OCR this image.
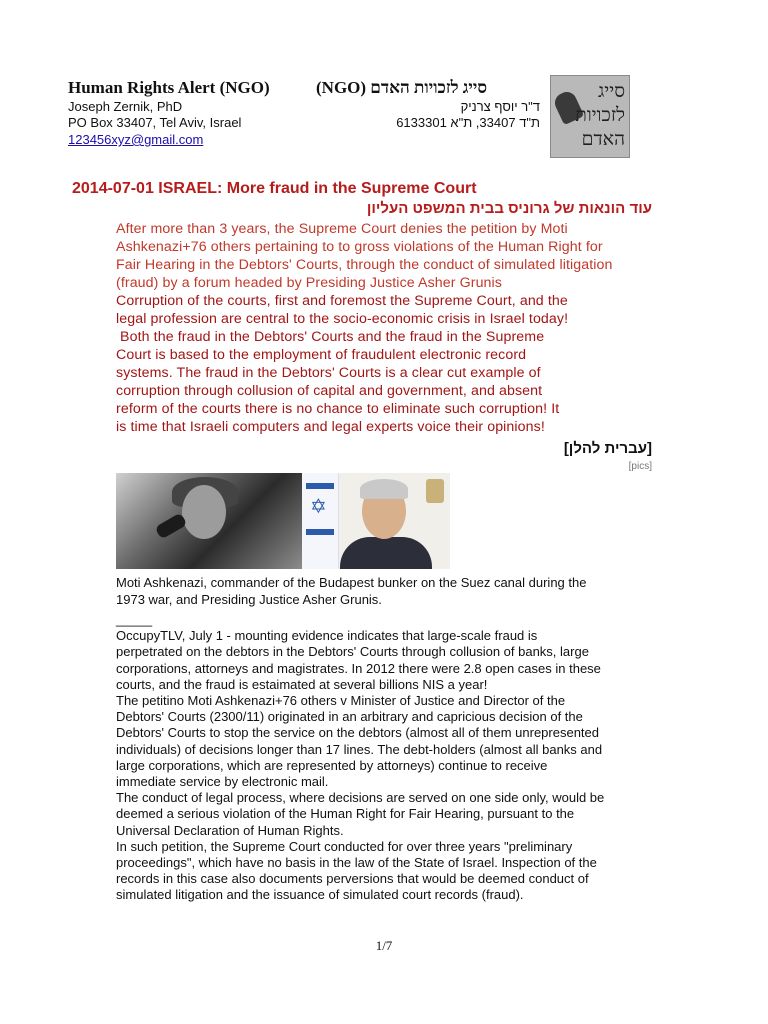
Human Rights Alert (NGO)	(NGO) סייג לזכויות האדם
Joseph Zernik, PhD
PO Box 33407, Tel Aviv, Israel
123456xyz@gmail.com
ד"ר יוסף צרניק
ת"ד 33407, ת"א 6133301
סייג
לזכויות
האדם
2014-07-01 ISRAEL: More fraud in the Supreme Court
עוד הונאות של גרוניס בבית המשפט העליון

After more than 3 years, the Supreme Court denies the petition by Moti

Ashkenazi+76 others pertaining to to gross violations of the Human Right for

Fair Hearing in the Debtors' Courts, through the conduct of simulated litigation

(fraud) by a forum headed by Presiding Justice Asher Grunis

Corruption of the courts, first and foremost the Supreme Court, and the

legal profession are central to the socio-economic crisis in Israel today!

Both the fraud in the Debtors' Courts and the fraud in the Supreme

Court is based to the employment of fraudulent electronic record

systems. The fraud in the Debtors' Courts is a clear cut example of

corruption through collusion of capital and government, and absent

reform of the courts there is no chance to eliminate such corruption! It

is time that Israeli computers and legal experts voice their opinions!

[עברית להלן]
[pics]
✡
Moti Ashkenazi, commander of the Budapest bunker on the Suez canal during the
1973 war, and Presiding Justice Asher Grunis.

_____

OccupyTLV, July 1 - mounting evidence indicates that large-scale fraud is

perpetrated on the debtors in the Debtors' Courts through collusion of banks, large

corporations, attorneys and magistrates. In 2012 there were 2.8 open cases in these

courts, and the fraud is estaimated at several billions NIS a year!

The petitino Moti Ashkenazi+76 others v Minister of Justice and Director of the

Debtors' Courts (2300/11) originated in an arbitrary and capricious decision of the

Debtors' Courts to stop the service on the debtors (almost all of them unrepresented

individuals) of decisions longer than 17 lines. The debt-holders (almost all banks and

large corporations, which are represented by attorneys) continue to receive

immediate service by electronic mail.

The conduct of legal process, where decisions are served on one side only, would be

deemed a serious violation of the Human Right for Fair Hearing, pursuant to the

Universal Declaration of Human Rights.

In such petition, the Supreme Court conducted for over three years "preliminary

proceedings", which have no basis in the law of the State of Israel. Inspection of the

records in this case also documents perversions that would be deemed conduct of

simulated litigation and the issuance of simulated court records (fraud).

1/7
